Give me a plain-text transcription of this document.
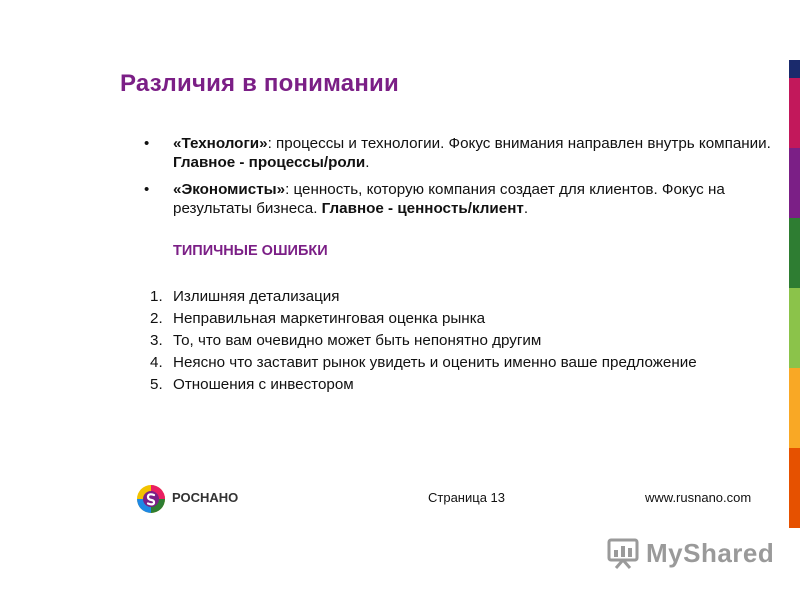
Различия в понимании
• «Технологи»: процессы и технологии. Фокус внимания направлен внутрь компании. Главное - процессы/роли.
• «Экономисты»: ценность, которую компания создает для клиентов. Фокус на результаты бизнеса. Главное - ценность/клиент.
ТИПИЧНЫЕ ОШИБКИ
1. Излишняя детализация
2. Неправильная маркетинговая оценка рынка
3. То, что вам очевидно может быть непонятно другим
4. Неясно что заставит рынок увидеть и оценить именно ваше предложение
5. Отношения с инвестором
РОСНАНО	Страница 13	www.rusnano.com
MyShared
